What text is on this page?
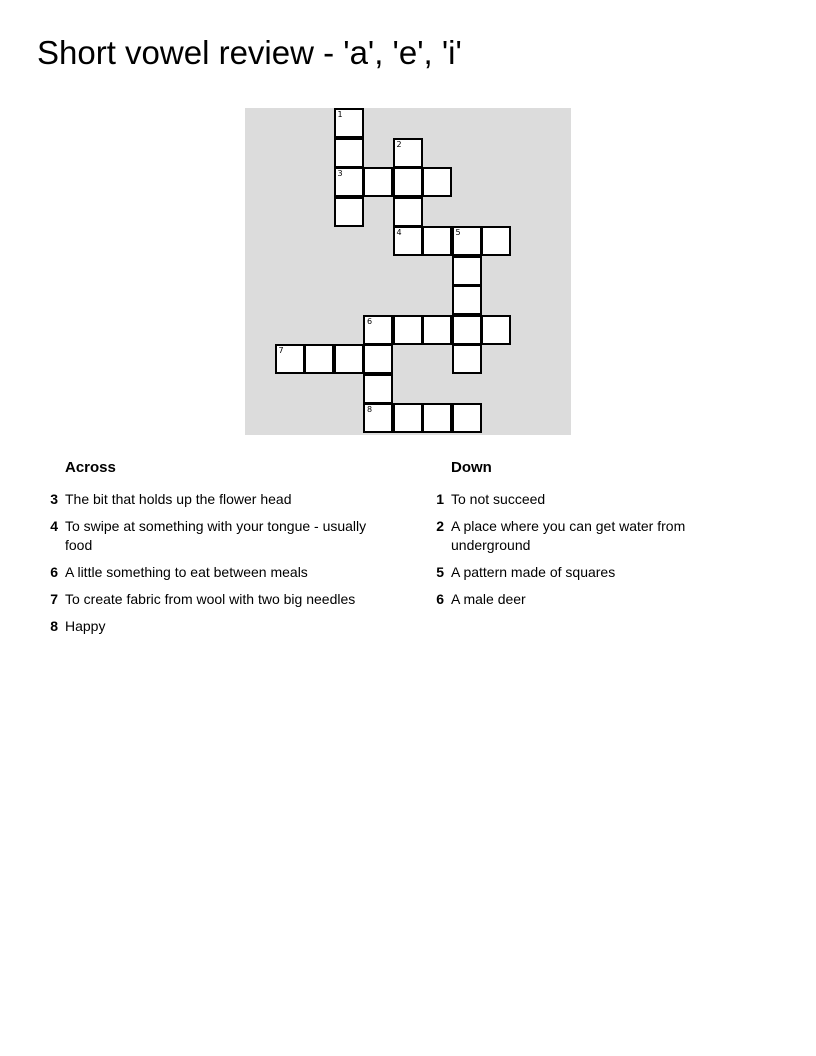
Short vowel review - 'a', 'e', 'i'
1
2
3
4	5
6
7
8
Across
3 The bit that holds up the flower head
4 To swipe at something with your tongue - usually food
6 A little something to eat between meals
7 To create fabric from wool with two big needles
8 Happy
Down
1 To not succeed
2 A place where you can get water from underground
5 A pattern made of squares
6 A male deer
